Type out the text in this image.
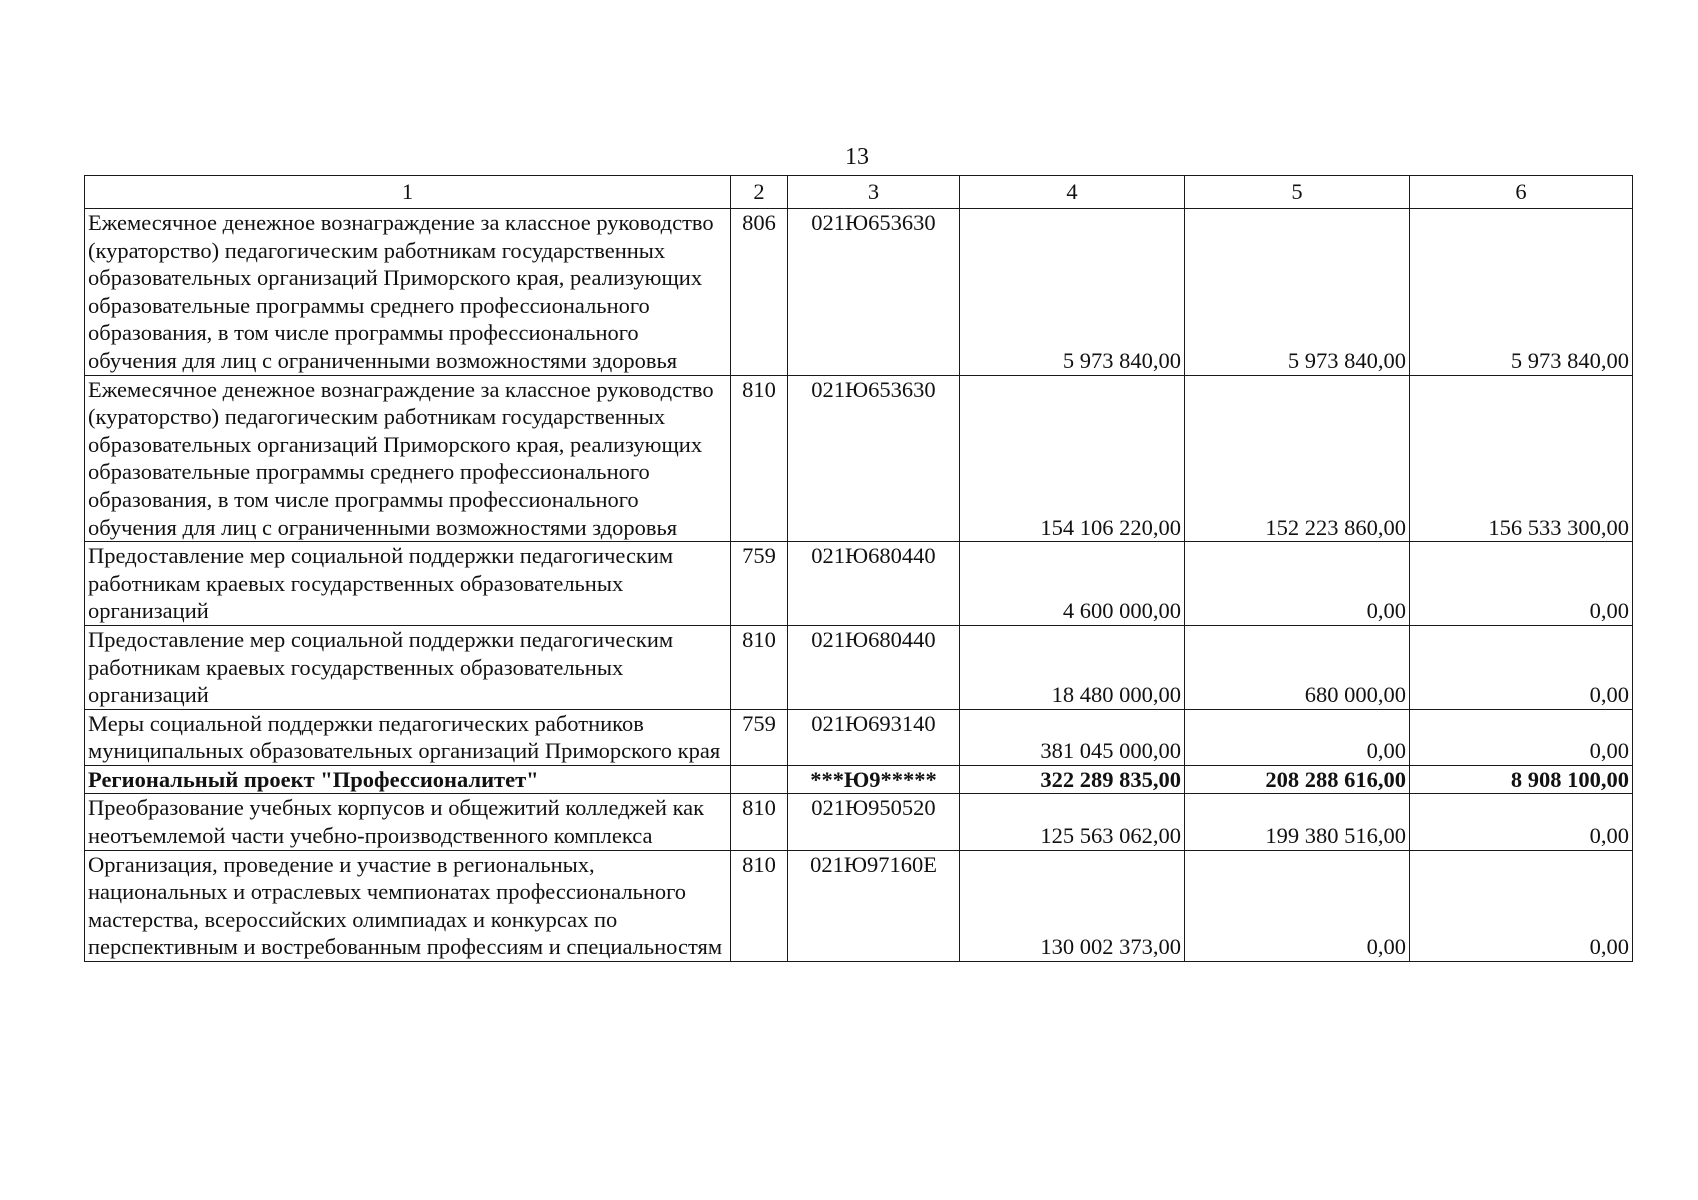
13
1	2	3	4	5	6
Ежемесячное денежное вознаграждение за классное руководство (кураторство) педагогическим работникам государственных образовательных организаций Приморского края, реализующих образовательные программы среднего профессионального образования, в том числе программы профессионального обучения для лиц с ограниченными возможностями здоровья	806	021Ю653630	5 973 840,00	5 973 840,00	5 973 840,00
Ежемесячное денежное вознаграждение за классное руководство (кураторство) педагогическим работникам государственных образовательных организаций Приморского края, реализующих образовательные программы среднего профессионального образования, в том числе программы профессионального обучения для лиц с ограниченными возможностями здоровья	810	021Ю653630	154 106 220,00	152 223 860,00	156 533 300,00
Предоставление мер социальной поддержки педагогическим работникам краевых государственных образовательных организаций	759	021Ю680440	4 600 000,00	0,00	0,00
Предоставление мер социальной поддержки педагогическим работникам краевых государственных образовательных организаций	810	021Ю680440	18 480 000,00	680 000,00	0,00
Меры социальной поддержки педагогических работников муниципальных образовательных организаций Приморского края	759	021Ю693140	381 045 000,00	0,00	0,00
Региональный проект "Профессионалитет"		***Ю9*****	322 289 835,00	208 288 616,00	8 908 100,00
Преобразование учебных корпусов и общежитий колледжей как неотъемлемой части учебно-производственного комплекса	810	021Ю950520	125 563 062,00	199 380 516,00	0,00
Организация, проведение и участие в региональных, национальных и отраслевых чемпионатах профессионального мастерства, всероссийских олимпиадах и конкурсах по перспективным и востребованным профессиям и специальностям	810	021Ю97160Е	130 002 373,00	0,00	0,00
